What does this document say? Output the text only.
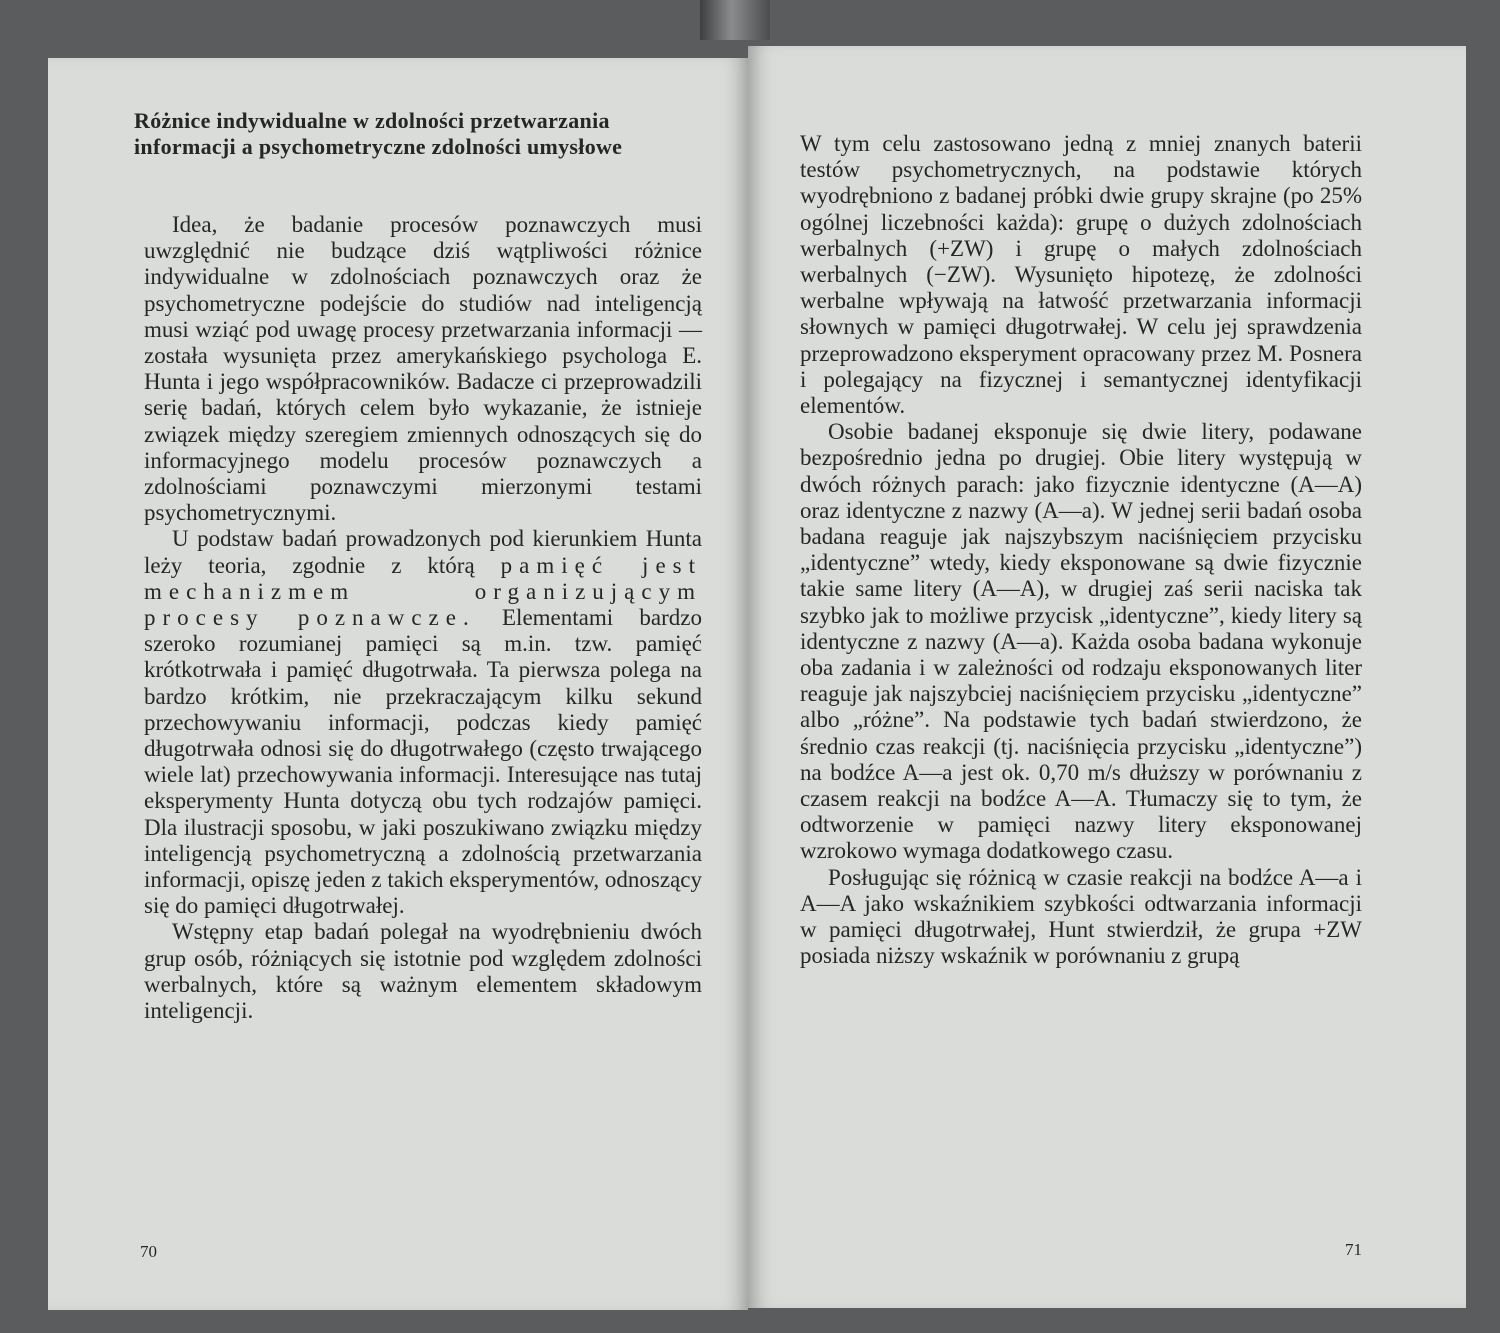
Różnice indywidualne w zdolności przetwarzania informacji a psychometryczne zdolności umysłowe

Idea, że badanie procesów poznawczych musi uwzględnić nie budzące dziś wątpliwości różnice indywidualne w zdolnościach poznawczych oraz że psychometryczne podejście do studiów nad inteligencją musi wziąć pod uwagę procesy przetwarzania informacji — została wysunięta przez amerykańskiego psychologa E. Hunta i jego współpracowników. Badacze ci przeprowadzili serię badań, których celem było wykazanie, że istnieje związek między szeregiem zmiennych odnoszących się do informacyjnego modelu procesów poznawczych a zdolnościami poznawczymi mierzonymi testami psychometrycznymi.

U podstaw badań prowadzonych pod kierunkiem Hunta leży teoria, zgodnie z którą pamięć jest mechanizmem organizującym procesy poznawcze. Elementami bardzo szeroko rozumianej pamięci są m.in. tzw. pamięć krótkotrwała i pamięć długotrwała. Ta pierwsza polega na bardzo krótkim, nie przekraczającym kilku sekund przechowywaniu informacji, podczas kiedy pamięć długotrwała odnosi się do długotrwałego (często trwającego wiele lat) przechowywania informacji. Interesujące nas tutaj eksperymenty Hunta dotyczą obu tych rodzajów pamięci. Dla ilustracji sposobu, w jaki poszukiwano związku między inteligencją psychometryczną a zdolnością przetwarzania informacji, opiszę jeden z takich eksperymentów, odnoszący się do pamięci długotrwałej.

Wstępny etap badań polegał na wyodrębnieniu dwóch grup osób, różniących się istotnie pod względem zdolności werbalnych, które są ważnym elementem składowym inteligencji.

70

W tym celu zastosowano jedną z mniej znanych baterii testów psychometrycznych, na podstawie których wyodrębniono z badanej próbki dwie grupy skrajne (po 25% ogólnej liczebności każda): grupę o dużych zdolnościach werbalnych (+ZW) i grupę o małych zdolnościach werbalnych (−ZW). Wysunięto hipotezę, że zdolności werbalne wpływają na łatwość przetwarzania informacji słownych w pamięci długotrwałej. W celu jej sprawdzenia przeprowadzono eksperyment opracowany przez M. Posnera i polegający na fizycznej i semantycznej identyfikacji elementów.

Osobie badanej eksponuje się dwie litery, podawane bezpośrednio jedna po drugiej. Obie litery występują w dwóch różnych parach: jako fizycznie identyczne (A—A) oraz identyczne z nazwy (A—a). W jednej serii badań osoba badana reaguje jak najszybszym naciśnięciem przycisku „identyczne” wtedy, kiedy eksponowane są dwie fizycznie takie same litery (A—A), w drugiej zaś serii naciska tak szybko jak to możliwe przycisk „identyczne”, kiedy litery są identyczne z nazwy (A—a). Każda osoba badana wykonuje oba zadania i w zależności od rodzaju eksponowanych liter reaguje jak najszybciej naciśnięciem przycisku „identyczne” albo „różne”. Na podstawie tych badań stwierdzono, że średnio czas reakcji (tj. naciśnięcia przycisku „identyczne”) na bodźce A—a jest ok. 0,70 m/s dłuższy w porównaniu z czasem reakcji na bodźce A—A. Tłumaczy się to tym, że odtworzenie w pamięci nazwy litery eksponowanej wzrokowo wymaga dodatkowego czasu.

Posługując się różnicą w czasie reakcji na bodźce A—a i A—A jako wskaźnikiem szybkości odtwarzania informacji w pamięci długotrwałej, Hunt stwierdził, że grupa +ZW posiada niższy wskaźnik w porównaniu z grupą

71
